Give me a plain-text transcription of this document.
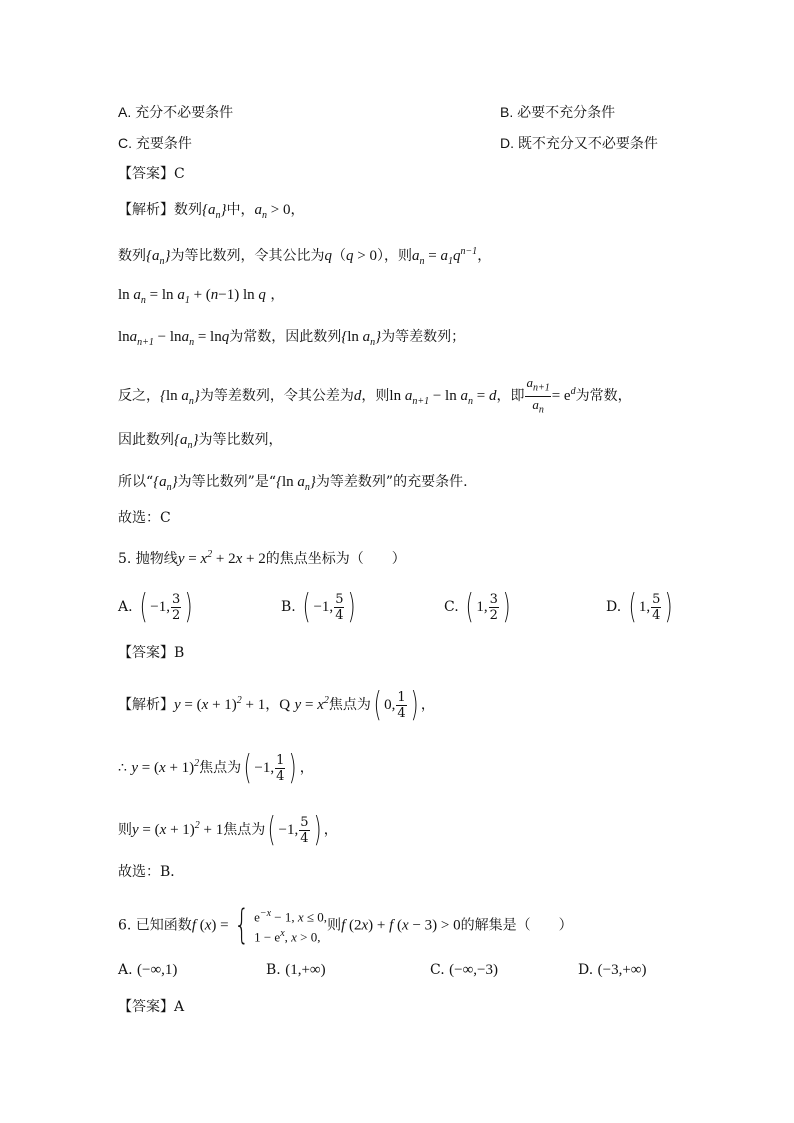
A. 充分不必要条件	B. 必要不充分条件
C. 充要条件	D. 既不充分又不必要条件
【答案】C
【解析】数列$\{a_n\}$中，$a_n > 0$，
数列$\{a_n\}$为等比数列，令其公比为q（q > 0），则$a_n = a_1q^{n-1}$，
$\ln a_n = \ln a_1 + (n-1)$ ln q ，
lna$_{n+1}$ − lna$_n$ = lnq为常数，因此数列{ln $a_n$}为等差数列；
反之，{ln $a_n$}为等差数列，令其公差为d，则$\ln a_{n+1} - \ln a_n = d$，即 $\frac{a_{n+1}}{a_n} = e^d$为常数，
因此数列$\{a_n\}$为等比数列，
所以“$\{a_n\}$为等比数列”是“{ln $a_n$}为等差数列”的充要条件.
故选：C
5. 抛物线$y = x^2 + 2x + 2$的焦点坐标为（　　）
A. ( −1, $\frac{3}{2}$ )	B. ( −1, $\frac{5}{4}$ )	C. ( 1, $\frac{3}{2}$ )	D. ( 1, $\frac{5}{4}$ )
【答案】B
【解析】$y = (x + 1)^2 + 1$，Q $y = x^2$焦点为( 0, $\frac{1}{4}$ ) ，
∴ $y = (x + 1)^2$焦点为( −1, $\frac{1}{4}$ ) ，
则$y = (x + 1)^2 + 1$焦点为( −1, $\frac{5}{4}$ ) ，
故选：B．
6. 已知函数f (x) = { $e^{-x} - 1$, x ≤ 0,
$1 - e^x$, x > 0,
则f (2x) + f (x − 3) > 0的解集是（　　）
A. (−∞,1)	B. (1,+∞)	C. (−∞,−3)	D. (−3,+∞)
【答案】A
